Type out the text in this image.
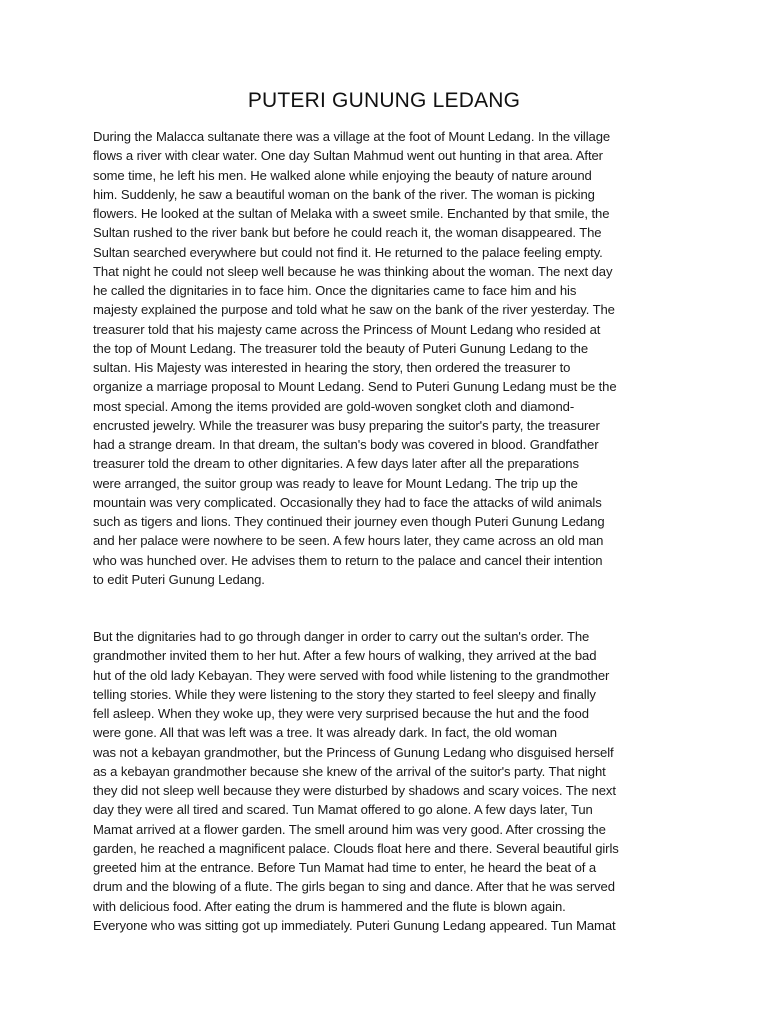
PUTERI GUNUNG LEDANG

During the Malacca sultanate there was a village at the foot of Mount Ledang. In the village
flows a river with clear water. One day Sultan Mahmud went out hunting in that area. After
some time, he left his men. He walked alone while enjoying the beauty of nature around
him. Suddenly, he saw a beautiful woman on the bank of the river. The woman is picking
flowers. He looked at the sultan of Melaka with a sweet smile. Enchanted by that smile, the
Sultan rushed to the river bank but before he could reach it, the woman disappeared. The
Sultan searched everywhere but could not find it. He returned to the palace feeling empty.
That night he could not sleep well because he was thinking about the woman. The next day
he called the dignitaries in to face him. Once the dignitaries came to face him and his
majesty explained the purpose and told what he saw on the bank of the river yesterday. The
treasurer told that his majesty came across the Princess of Mount Ledang who resided at
the top of Mount Ledang. The treasurer told the beauty of Puteri Gunung Ledang to the
sultan. His Majesty was interested in hearing the story, then ordered the treasurer to
organize a marriage proposal to Mount Ledang. Send to Puteri Gunung Ledang must be the
most special. Among the items provided are gold-woven songket cloth and diamond-
encrusted jewelry. While the treasurer was busy preparing the suitor's party, the treasurer
had a strange dream. In that dream, the sultan's body was covered in blood. Grandfather
treasurer told the dream to other dignitaries. A few days later after all the preparations
were arranged, the suitor group was ready to leave for Mount Ledang. The trip up the
mountain was very complicated. Occasionally they had to face the attacks of wild animals
such as tigers and lions. They continued their journey even though Puteri Gunung Ledang
and her palace were nowhere to be seen. A few hours later, they came across an old man
who was hunched over. He advises them to return to the palace and cancel their intention
to edit Puteri Gunung Ledang.

But the dignitaries had to go through danger in order to carry out the sultan's order. The
grandmother invited them to her hut. After a few hours of walking, they arrived at the bad
hut of the old lady Kebayan. They were served with food while listening to the grandmother
telling stories. While they were listening to the story they started to feel sleepy and finally
fell asleep. When they woke up, they were very surprised because the hut and the food
were gone. All that was left was a tree. It was already dark. In fact, the old woman
was not a kebayan grandmother, but the Princess of Gunung Ledang who disguised herself
as a kebayan grandmother because she knew of the arrival of the suitor's party. That night
they did not sleep well because they were disturbed by shadows and scary voices. The next
day they were all tired and scared. Tun Mamat offered to go alone. A few days later, Tun
Mamat arrived at a flower garden. The smell around him was very good. After crossing the
garden, he reached a magnificent palace. Clouds float here and there. Several beautiful girls
greeted him at the entrance. Before Tun Mamat had time to enter, he heard the beat of a
drum and the blowing of a flute. The girls began to sing and dance. After that he was served
with delicious food. After eating the drum is hammered and the flute is blown again.
Everyone who was sitting got up immediately. Puteri Gunung Ledang appeared. Tun Mamat
